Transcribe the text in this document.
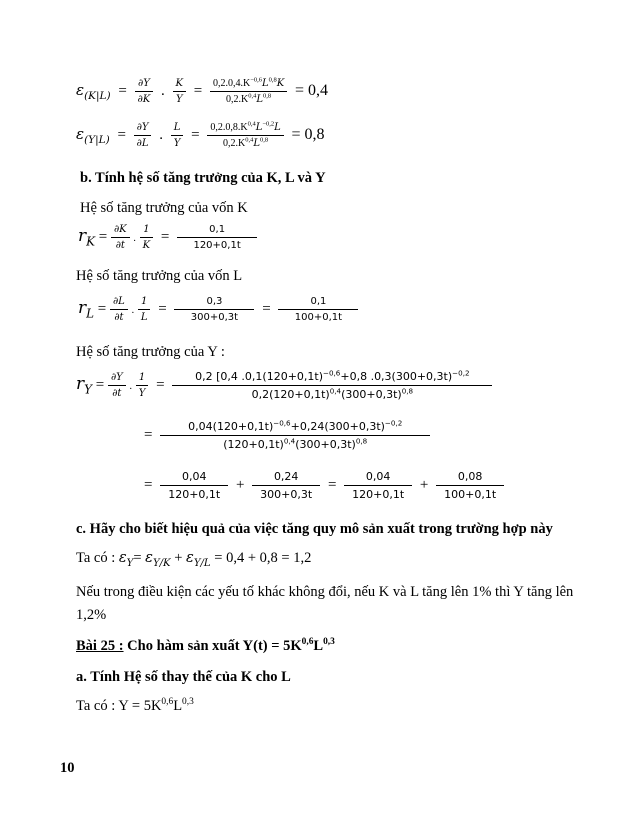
$\varepsilon_{(K|L)} = \frac{\partial Y}{\partial K}$ . $\frac{K}{Y} = \frac{0,2.0,4.K^{-0,6}L^{0,8}K}{0,2.K^{0,4}L^{0,8}} = 0,4$
$\varepsilon_{(Y|L)} = \frac{\partial Y}{\partial L}$ . $\frac{L}{Y} = \frac{0,2.0,8.K^{0,4}L^{-0,2}L}{0,2.K^{0,4}L^{0,8}} = 0,8$
b. Tính hệ số tăng trưởng của K, L và Y
Hệ số tăng trưởng của vốn K
$r_K = \frac{\partial K}{\partial t}$ . $\frac{1}{K} = \frac{0,1}{120+0,1t}$
Hệ số tăng trưởng của vốn L
$r_L = \frac{\partial L}{\partial t}$ . $\frac{1}{L} = \frac{0,3}{300+0,3t} = \frac{0,1}{100+0,1t}$
Hệ số tăng trưởng của Y :
$r_Y = \frac{\partial Y}{\partial t}$ . $\frac{1}{Y} = \frac{0,2 [0,4 .0,1(120+0,1t)^{-0,6}+0,8 .0,3(300+0,3t)^{-0,2}}{0,2(120+0,1t)^{0,4}(300+0,3t)^{0,8}}$
= $\frac{0,04(120+0,1t)^{-0,6}+0,24(300+0,3t)^{-0,2}}{(120+0,1t)^{0,4}(300+0,3t)^{0,8}}$
= $\frac{0,04}{120+0,1t} + \frac{0,24}{300+0,3t} = \frac{0,04}{120+0,1t} + \frac{0,08}{100+0,1t}$
c. Hãy cho biết hiệu quả của việc tăng quy mô sản xuất trong trường hợp này
Ta có : $\varepsilon_Y= \varepsilon_{Y/K} + \varepsilon_{Y/L} = 0,4 + 0,8 = 1,2$
Nếu trong điều kiện các yếu tố khác không đổi, nếu K và L tăng lên 1% thì Y tăng lên
1,2%
Bài 25 : Cho hàm sản xuất $Y(t) = 5K^{0,6}L^{0,3}$
a. Tính Hệ số thay thế của K cho L
Ta có : $Y = 5K^{0,6}L^{0,3}$
10
